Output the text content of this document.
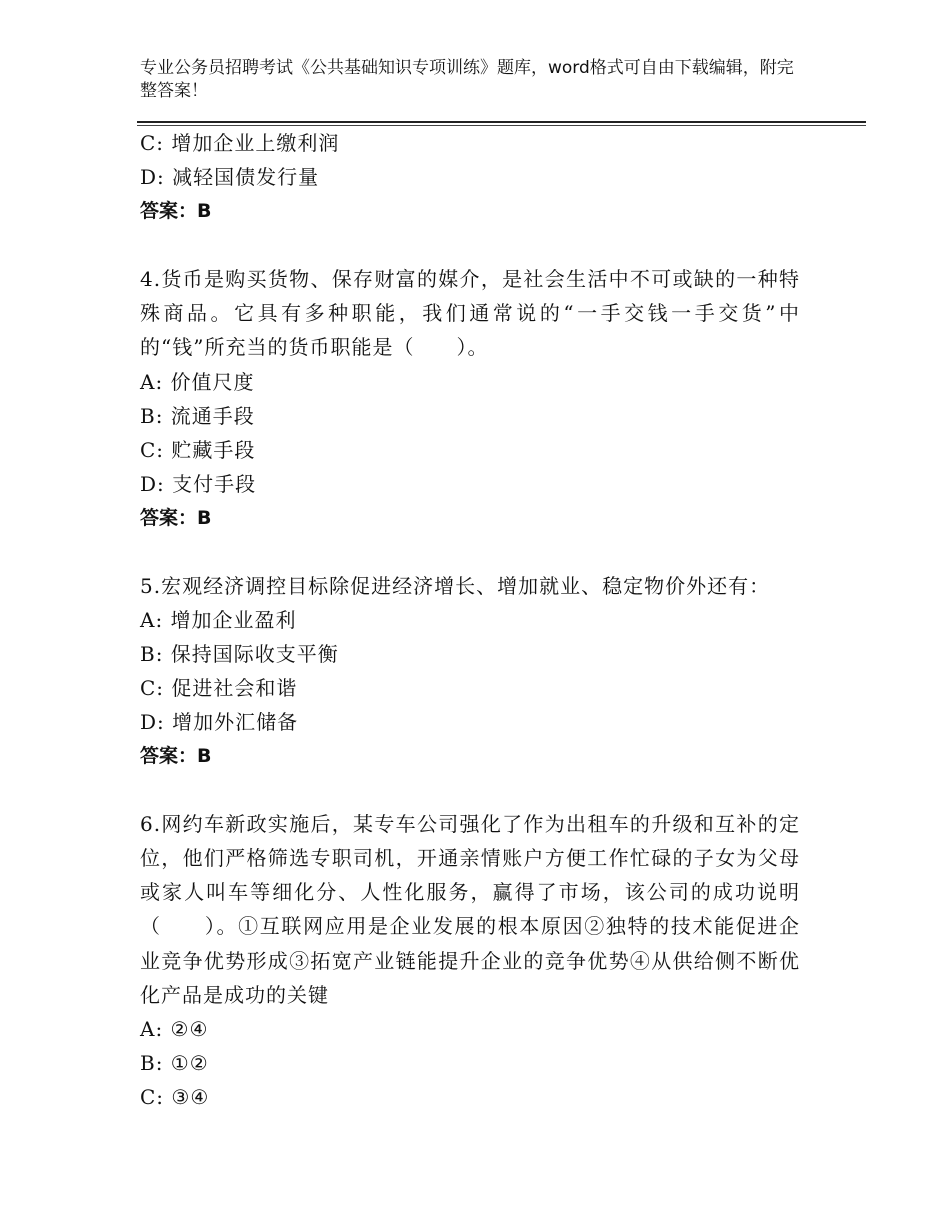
专业公务员招聘考试《公共基础知识专项训练》题库，word格式可自由下载编辑，附完整答案！
C: 增加企业上缴利润
D: 减轻国债发行量
答案：B
4.货币是购买货物、保存财富的媒介，是社会生活中不可或缺的一种特殊商品。它具有多种职能，我们通常说的“一手交钱一手交货”中的“钱”所充当的货币职能是（　　）。
A: 价值尺度
B: 流通手段
C: 贮藏手段
D: 支付手段
答案：B
5.宏观经济调控目标除促进经济增长、增加就业、稳定物价外还有：
A: 增加企业盈利
B: 保持国际收支平衡
C: 促进社会和谐
D: 增加外汇储备
答案：B
6.网约车新政实施后，某专车公司强化了作为出租车的升级和互补的定位，他们严格筛选专职司机，开通亲情账户方便工作忙碌的子女为父母或家人叫车等细化分、人性化服务，赢得了市场，该公司的成功说明（　　）。①互联网应用是企业发展的根本原因②独特的技术能促进企业竞争优势形成③拓宽产业链能提升企业的竞争优势④从供给侧不断优化产品是成功的关键
A: ②④
B: ①②
C: ③④
